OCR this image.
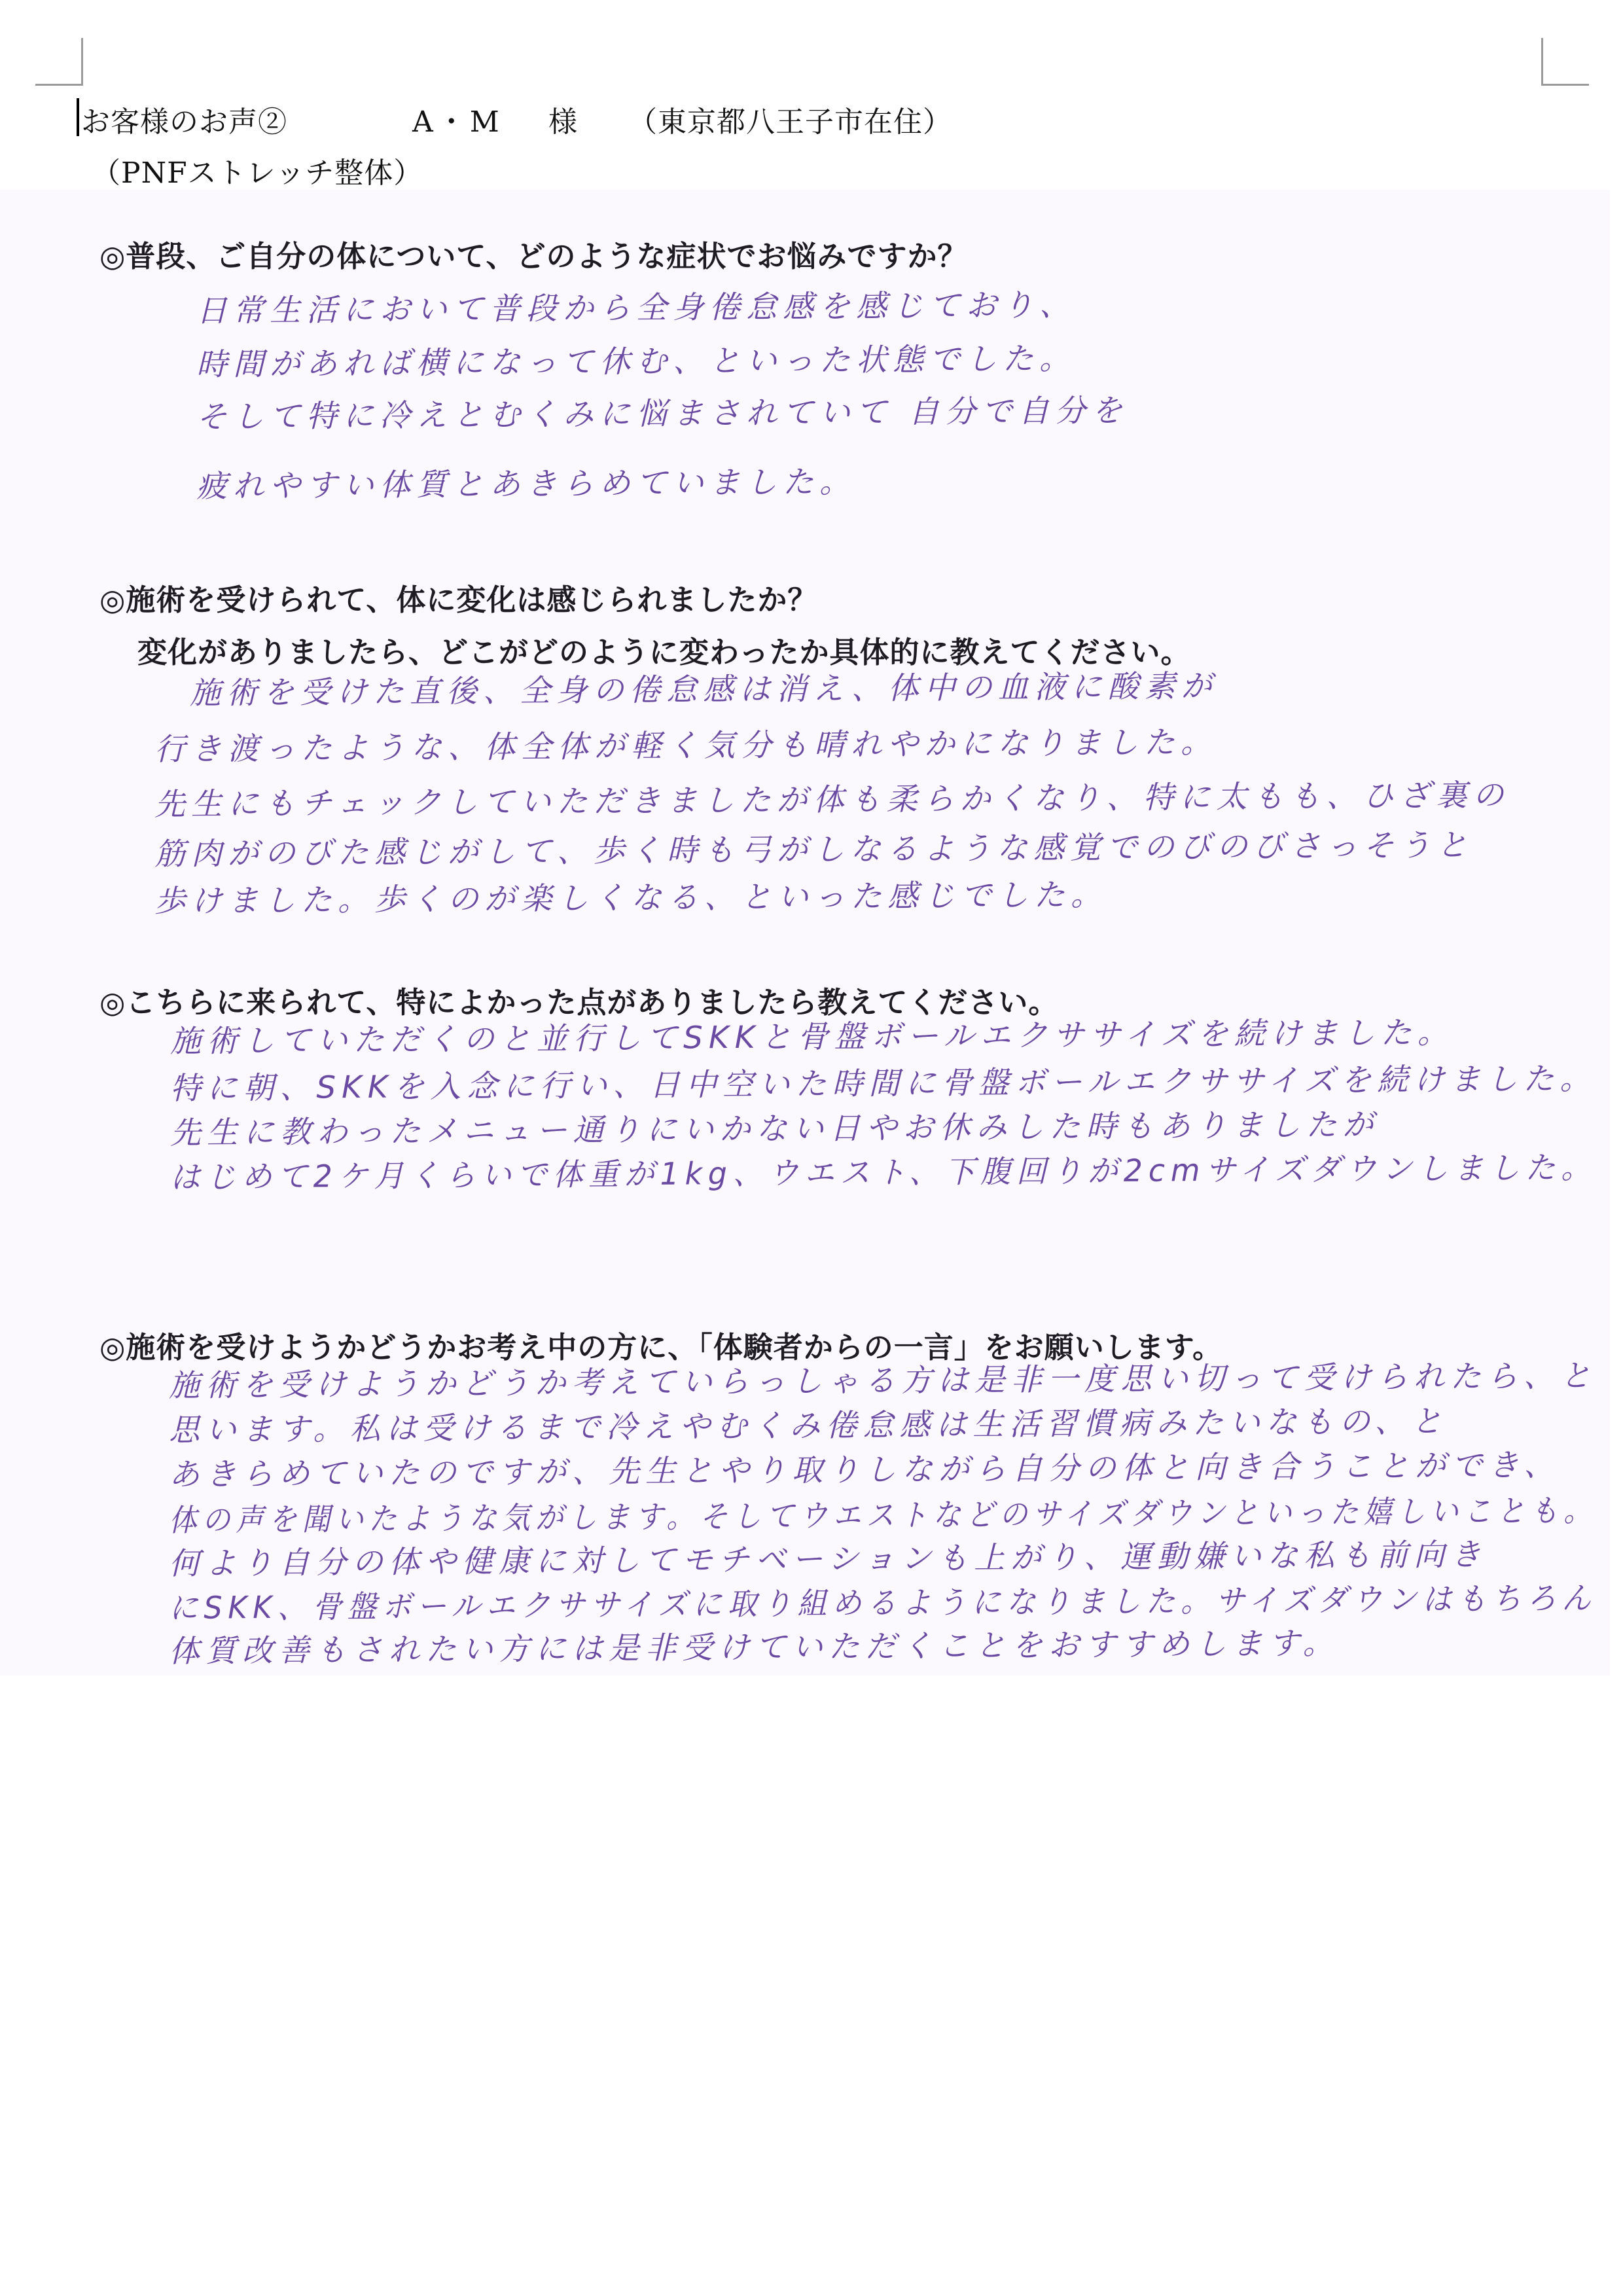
お客様のお声②	A・M 様 （東京都八王子市在住）
（PNFストレッチ整体）
◎普段、ご自分の体について、どのような症状でお悩みですか？
日常生活において普段から全身倦怠感を感じており、
時間があれば横になって休む、といった状態でした。
そして特に冷えとむくみに悩まされていて 自分で自分を
疲れやすい体質とあきらめていました。
◎施術を受けられて、体に変化は感じられましたか？
変化がありましたら、どこがどのように変わったか具体的に教えてください。
施術を受けた直後、全身の倦怠感は消え、体中の血液に酸素が
行き渡ったような、体全体が軽く気分も晴れやかになりました。
先生にもチェックしていただきましたが体も柔らかくなり、特に太もも、ひざ裏の
筋肉がのびた感じがして、歩く時も弓がしなるような感覚でのびのびさっそうと
歩けました。歩くのが楽しくなる、といった感じでした。
◎こちらに来られて、特によかった点がありましたら教えてください。
施術していただくのと並行してSKKと骨盤ボールエクササイズを続けました。
特に朝、SKKを入念に行い、日中空いた時間に骨盤ボールエクササイズを続けました。
先生に教わったメニュー通りにいかない日やお休みした時もありましたが
はじめて2ケ月くらいで体重が1kg、ウエスト、下腹回りが2cmサイズダウンしました。
◎施術を受けようかどうかお考え中の方に、「体験者からの一言」をお願いします。
施術を受けようかどうか考えていらっしゃる方は是非一度思い切って受けられたら、と
思います。私は受けるまで冷えやむくみ倦怠感は生活習慣病みたいなもの、と
あきらめていたのですが、先生とやり取りしながら自分の体と向き合うことができ、
体の声を聞いたような気がします。そしてウエストなどのサイズダウンといった嬉しいことも。
何より自分の体や健康に対してモチベーションも上がり、運動嫌いな私も前向き
にSKK、骨盤ボールエクササイズに取り組めるようになりました。サイズダウンはもちろん
体質改善もされたい方には是非受けていただくことをおすすめします。
